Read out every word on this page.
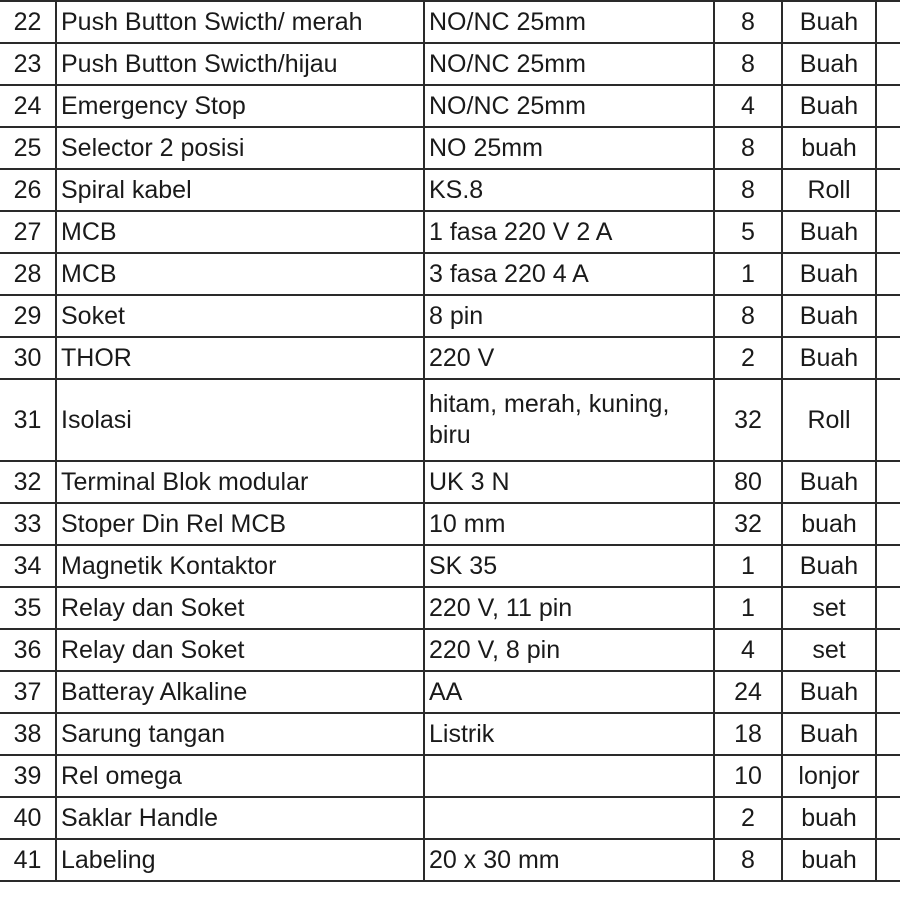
22	Push Button Swicth/ merah	NO/NC 25mm	8	Buah	
23	Push Button Swicth/hijau	NO/NC 25mm	8	Buah	
24	Emergency Stop	NO/NC 25mm	4	Buah	
25	Selector 2 posisi	NO 25mm	8	buah	
26	Spiral kabel	KS.8	8	Roll	
27	MCB	1 fasa 220 V 2 A	5	Buah	
28	MCB	3 fasa 220 4 A	1	Buah	
29	Soket	8 pin	8	Buah	
30	THOR	220 V	2	Buah	
31	Isolasi	hitam, merah, kuning, biru	32	Roll	
32	Terminal Blok modular	UK 3 N	80	Buah	
33	Stoper Din Rel MCB	10 mm	32	buah	
34	Magnetik Kontaktor	SK 35	1	Buah	
35	Relay dan Soket	220 V, 11 pin	1	set	
36	Relay dan Soket	220 V, 8 pin	4	set	
37	Batteray Alkaline	AA	24	Buah	
38	Sarung tangan	Listrik	18	Buah	
39	Rel omega		10	lonjor	
40	Saklar Handle		2	buah	
41	Labeling	20 x 30 mm	8	buah	
